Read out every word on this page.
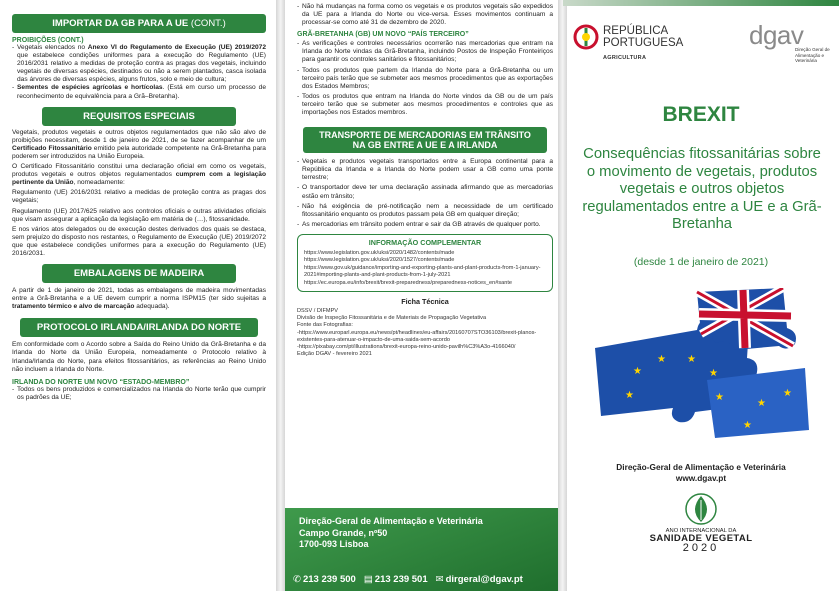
IMPORTAR DA GB PARA A UE (CONT.)
PROIBIÇÕES (CONT.)
- Vegetais elencados no Anexo VI do Regulamento de Execução (UE) 2019/2072 que estabelece condições uniformes para a execução do Regulamento (UE) 2016/2031 relativo a medidas de proteção contra as pragas dos vegetais, incluindo vegetais de diversas espécies, destinados ou não a serem plantados, casca isolada das árvores de diversas espécies, alguns frutos, solo e meio de cultura;
- Sementes de espécies agrícolas e hortícolas. (Está em curso um processo de reconhecimento de equivalência para a Grã–Bretanha).
REQUISITOS ESPECIAIS

Vegetais, produtos vegetais e outros objetos regulamentados que não são alvo de proibições necessitam, desde 1 de janeiro de 2021, de se fazer acompanhar de um Certificado Fitossanitário emitido pela autoridade competente na Grã-Bretanha para poderem ser introduzidos na União Europeia.

O Certificado Fitossanitário constitui uma declaração oficial em como os vegetais, produtos vegetais e outros objetos regulamentados cumprem com a legislação pertinente da União, nomeadamente:

Regulamento (UE) 2016/2031 relativo a medidas de proteção contra as pragas dos vegetais;

Regulamento (UE) 2017/625 relativo aos controlos oficiais e outras atividades oficiais que visam assegurar a aplicação da legislação em matéria de (…), fitossanidade.

E nos vários atos delegados ou de execução destes derivados dos quais se destaca, sem prejuízo do disposto nos restantes, o Regulamento de Execução (UE) 2019/2072 que que estabelece condições uniformes para a execução do Regulamento (UE) 2016/2031.

EMBALAGENS DE MADEIRA

A partir de 1 de janeiro de 2021, todas as embalagens de madeira movimentadas entre a Grã-Bretanha e a UE devem cumprir a norma ISPM15 (ter sido sujeitas a tratamento térmico e alvo de marcação adequada).

PROTOCOLO IRLANDA/IRLANDA DO NORTE

Em conformidade com o Acordo sobre a Saída do Reino Unido da Grã-Bretanha e da Irlanda do Norte da União Europeia, nomeadamente o Protocolo relativo à Irlanda/Irlanda do Norte, para efeitos fitossanitários, as referências ao Reino Unido não incluem a Irlanda do Norte.

IRLANDA DO NORTE UM NOVO “ESTADO-MEMBRO”
- Todos os bens produzidos e comercializados na Irlanda do Norte terão que cumprir os padrões da UE;
- Não há mudanças na forma como os vegetais e os produtos vegetais são expedidos da UE para a Irlanda do Norte ou vice-versa. Esses movimentos continuam a processar-se como até 31 de dezembro de 2020.
GRÃ-BRETANHA (GB) UM NOVO “PAÍS TERCEIRO”
- As verificações e controles necessários ocorrerão nas mercadorias que entram na Irlanda do Norte vindas da Grã-Bretanha, incluindo Postos de Inspeção Fronteiriços para garantir os controles sanitários e fitossanitários;
- Todos os produtos que partem da Irlanda do Norte para a Grã-Bretanha ou um terceiro país terão que se submeter aos mesmos procedimentos que as exportações dos Estados Membros;
- Todos os produtos que entram na Irlanda do Norte vindos da GB ou de um país terceiro terão que se submeter aos mesmos procedimentos e controles que as importações nos Estados membros.
TRANSPORTE DE MERCADORIAS EM TRÂNSITO
NA GB ENTRE A UE E A IRLANDA
- Vegetais e produtos vegetais transportados entre a Europa continental para a República da Irlanda e a Irlanda do Norte podem usar a GB como uma ponte terrestre;
- O transportador deve ter uma declaração assinada afirmando que as mercadorias estão em trânsito;
- Não há exigência de pré-notificação nem a necessidade de um certificado fitossanitário enquanto os produtos passam pela GB em qualquer direção;
- As mercadorias em trânsito podem entrar e sair da GB através de qualquer porto.
INFORMAÇÃO COMPLEMENTAR
https://www.legislation.gov.uk/uksi/2020/1482/contents/made
https://www.legislation.gov.uk/uksi/2020/1527/contents/made
https://www.gov.uk/guidance/importing-and-exporting-plants-and-plant-products-from-1-january-2021#importing-plants-and-plant-products-from-1-july-2021
https://ec.europa.eu/info/brexit/brexit-preparedness/preparedness-notices_en#sante
Ficha Técnica
DSSV / DIFMPV
Divisão de Inspeção Fitossanitária e de Materiais de Propagação Vegetativa
Fonte das Fotografias:
-https://www.europarl.europa.eu/news/pt/headlines/eu-affairs/20160707STO36103/brexit-planos-existentes-para-atenuar-o-impacto-de-uma-saida-sem-acordo
-https://pixabay.com/pt/illustrations/brexit-europa-reino-unido-pavilh%C3%A3o-4166040/
Edição DGAV - fevereiro 2021
Direção-Geral de Alimentação e Veterinária
Campo Grande, nº50
1700-093 Lisboa
✆ 213 239 500 ▤ 213 239 501 ✉ dirgeral@dgav.pt
REPÚBLICA
PORTUGUESA
AGRICULTURA
dgav
Direção Geral de Alimentação e Veterinária
BREXIT
Consequências fitossanitárias sobre o movimento de vegetais, produtos vegetais e outros objetos regulamentados entre a UE e a Grã-Bretanha
(desde 1 de janeiro de 2021)
★
★ ★
★
★	★
★
★
★
Direção-Geral de Alimentação e Veterinária
www.dgav.pt
ANO INTERNACIONAL DA
SANIDADE VEGETAL
2020
